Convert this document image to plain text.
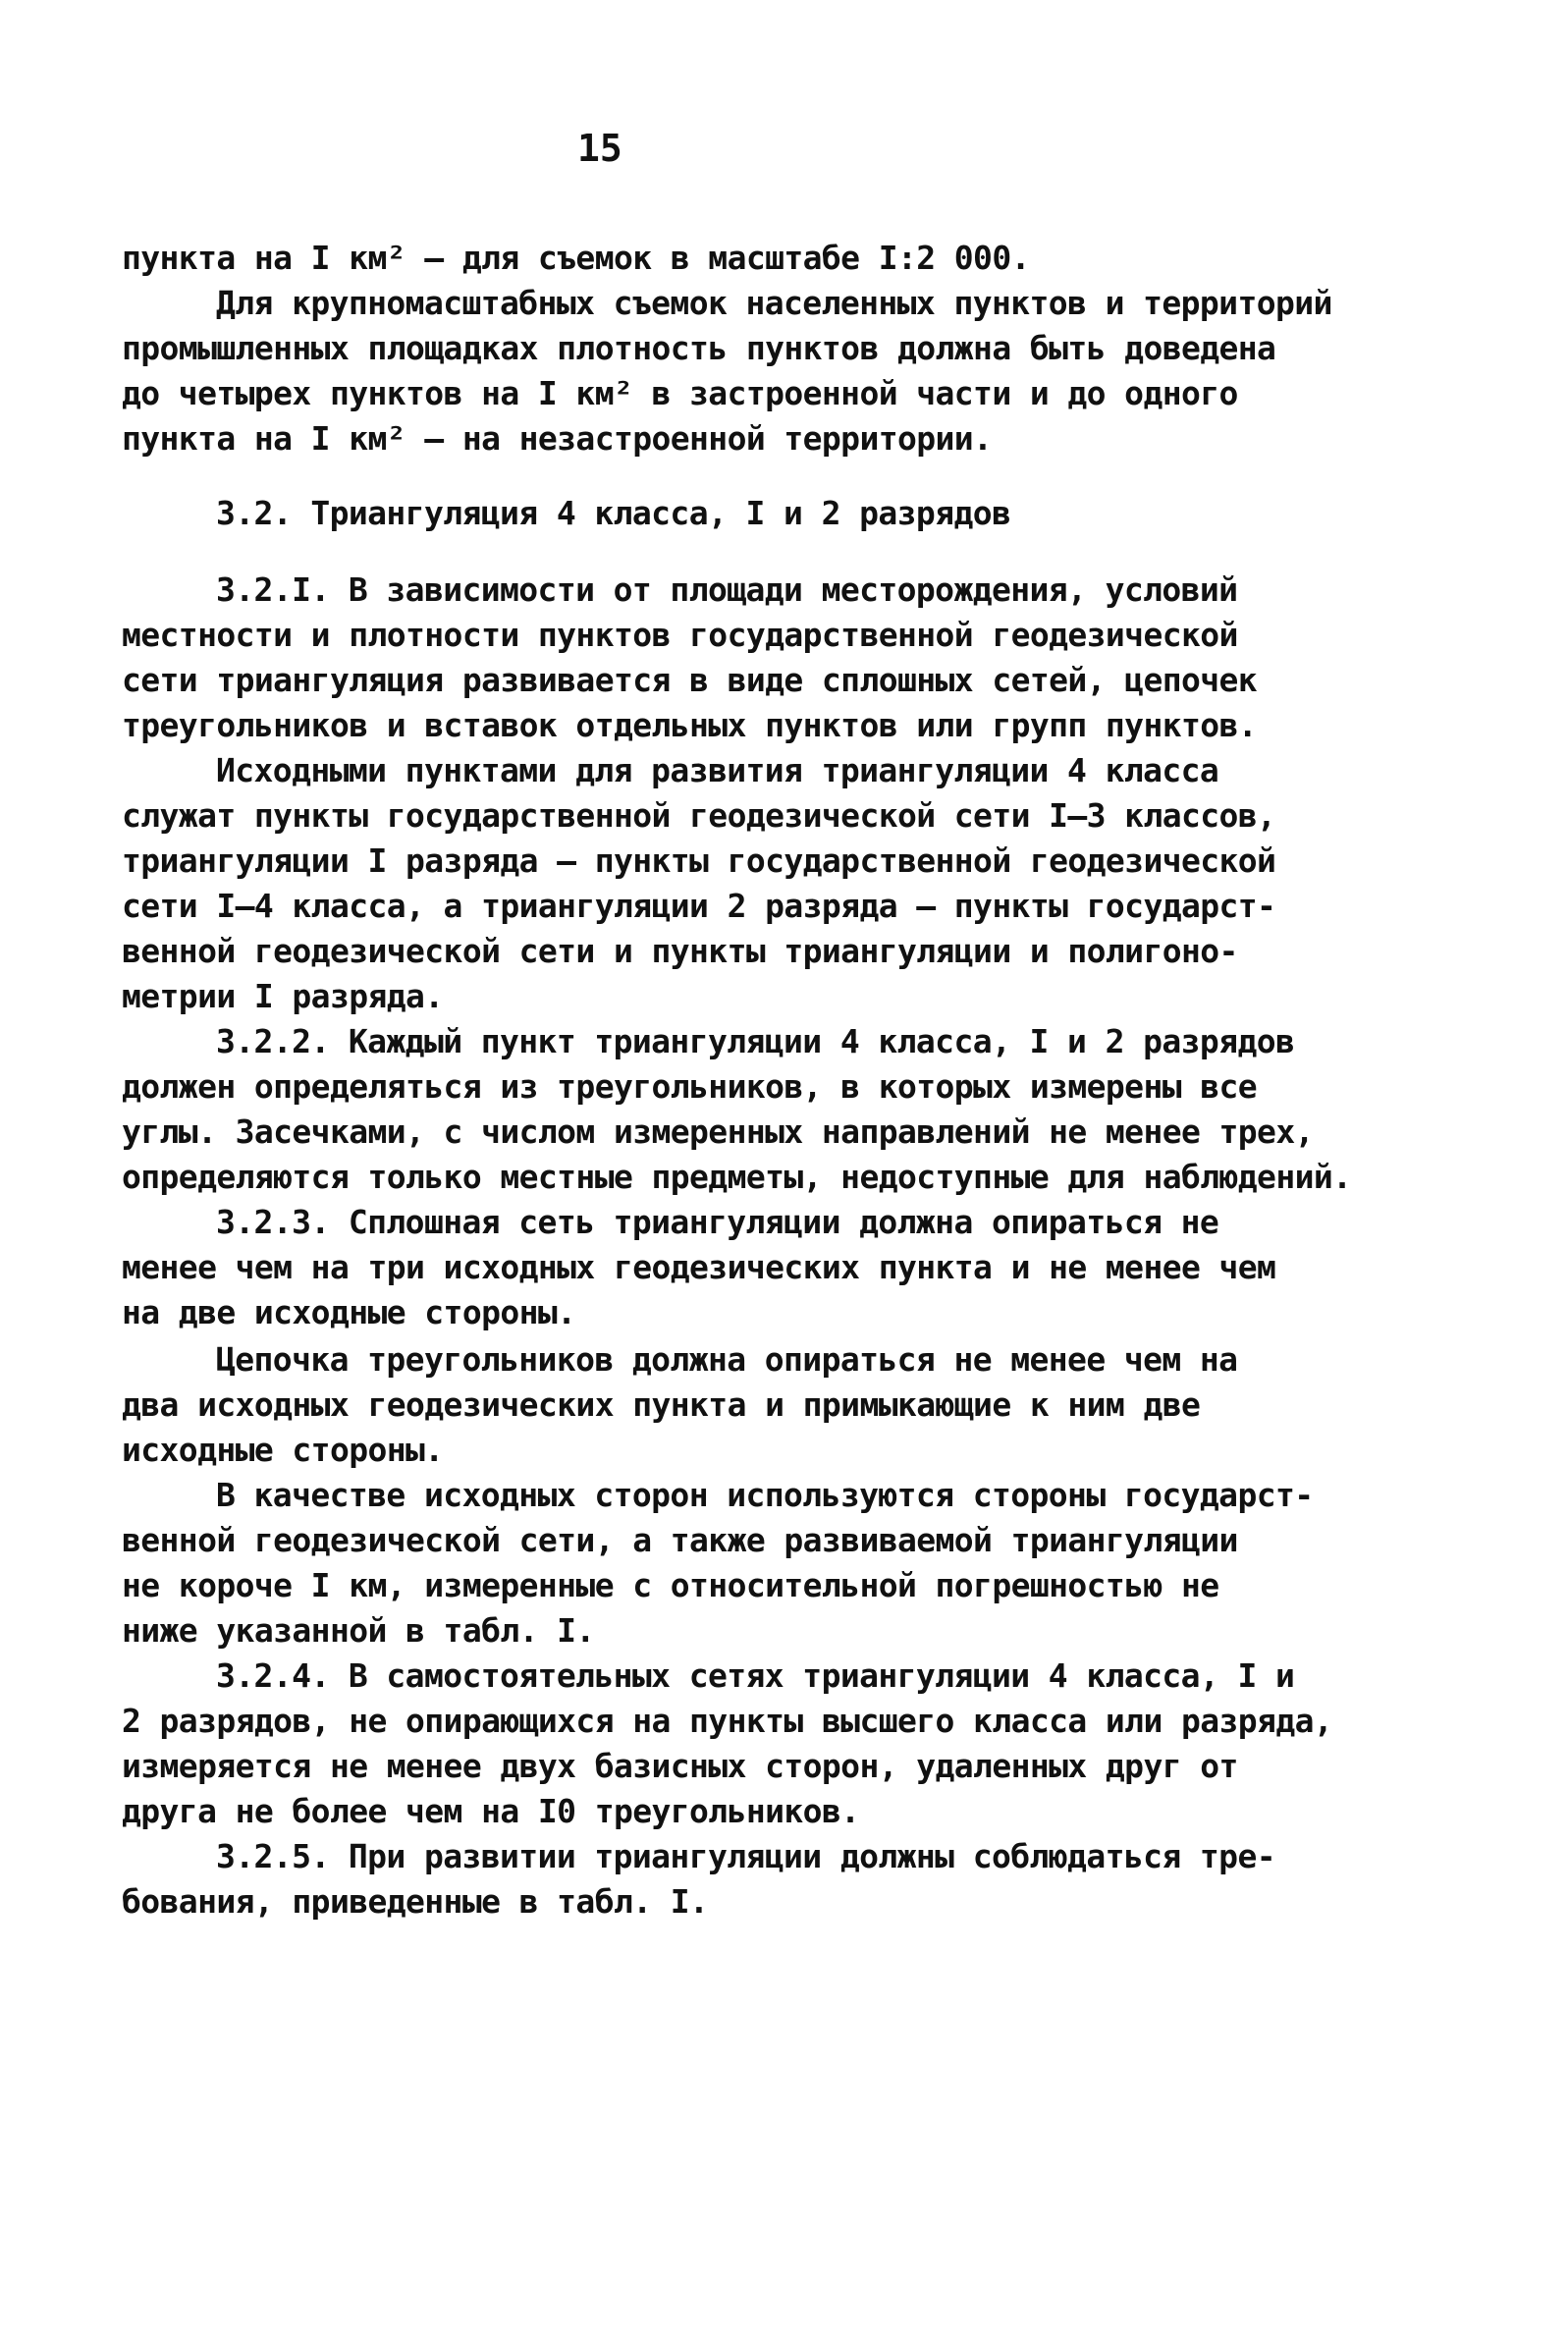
15
пункта на I км² – для съемок в масштабе I:2 000.
Для крупномасштабных съемок населенных пунктов и территорий
промышленных площадках плотность пунктов должна быть доведена
до четырех пунктов на I км² в застроенной части и до одного
пункта на I км² – на незастроенной территории.
3.2. Триангуляция 4 класса, I и 2 разрядов
3.2.I. В зависимости от площади месторождения, условий
местности и плотности пунктов государственной геодезической
сети триангуляция развивается в виде сплошных сетей, цепочек
треугольников и вставок отдельных пунктов или групп пунктов.
Исходными пунктами для развития триангуляции 4 класса
служат пункты государственной геодезической сети I–3 классов,
триангуляции I разряда – пункты государственной геодезической
сети I–4 класса, а триангуляции 2 разряда – пункты государст-
венной геодезической сети и пункты триангуляции и полигоно-
метрии I разряда.
3.2.2. Каждый пункт триангуляции 4 класса, I и 2 разрядов
должен определяться из треугольников, в которых измерены все
углы. Засечками, с числом измеренных направлений не менее трех,
определяются только местные предметы, недоступные для наблюдений.
3.2.3. Сплошная сеть триангуляции должна опираться не
менее чем на три исходных геодезических пункта и не менее чем
на две исходные стороны.
Цепочка треугольников должна опираться не менее чем на
два исходных геодезических пункта и примыкающие к ним две
исходные стороны.
В качестве исходных сторон используются стороны государст-
венной геодезической сети, а также развиваемой триангуляции
не короче I км, измеренные с относительной погрешностью не
ниже указанной в табл. I.
3.2.4. В самостоятельных сетях триангуляции 4 класса, I и
2 разрядов, не опирающихся на пункты высшего класса или разряда,
измеряется не менее двух базисных сторон, удаленных друг от
друга не более чем на I0 треугольников.
3.2.5. При развитии триангуляции должны соблюдаться тре-
бования, приведенные в табл. I.
